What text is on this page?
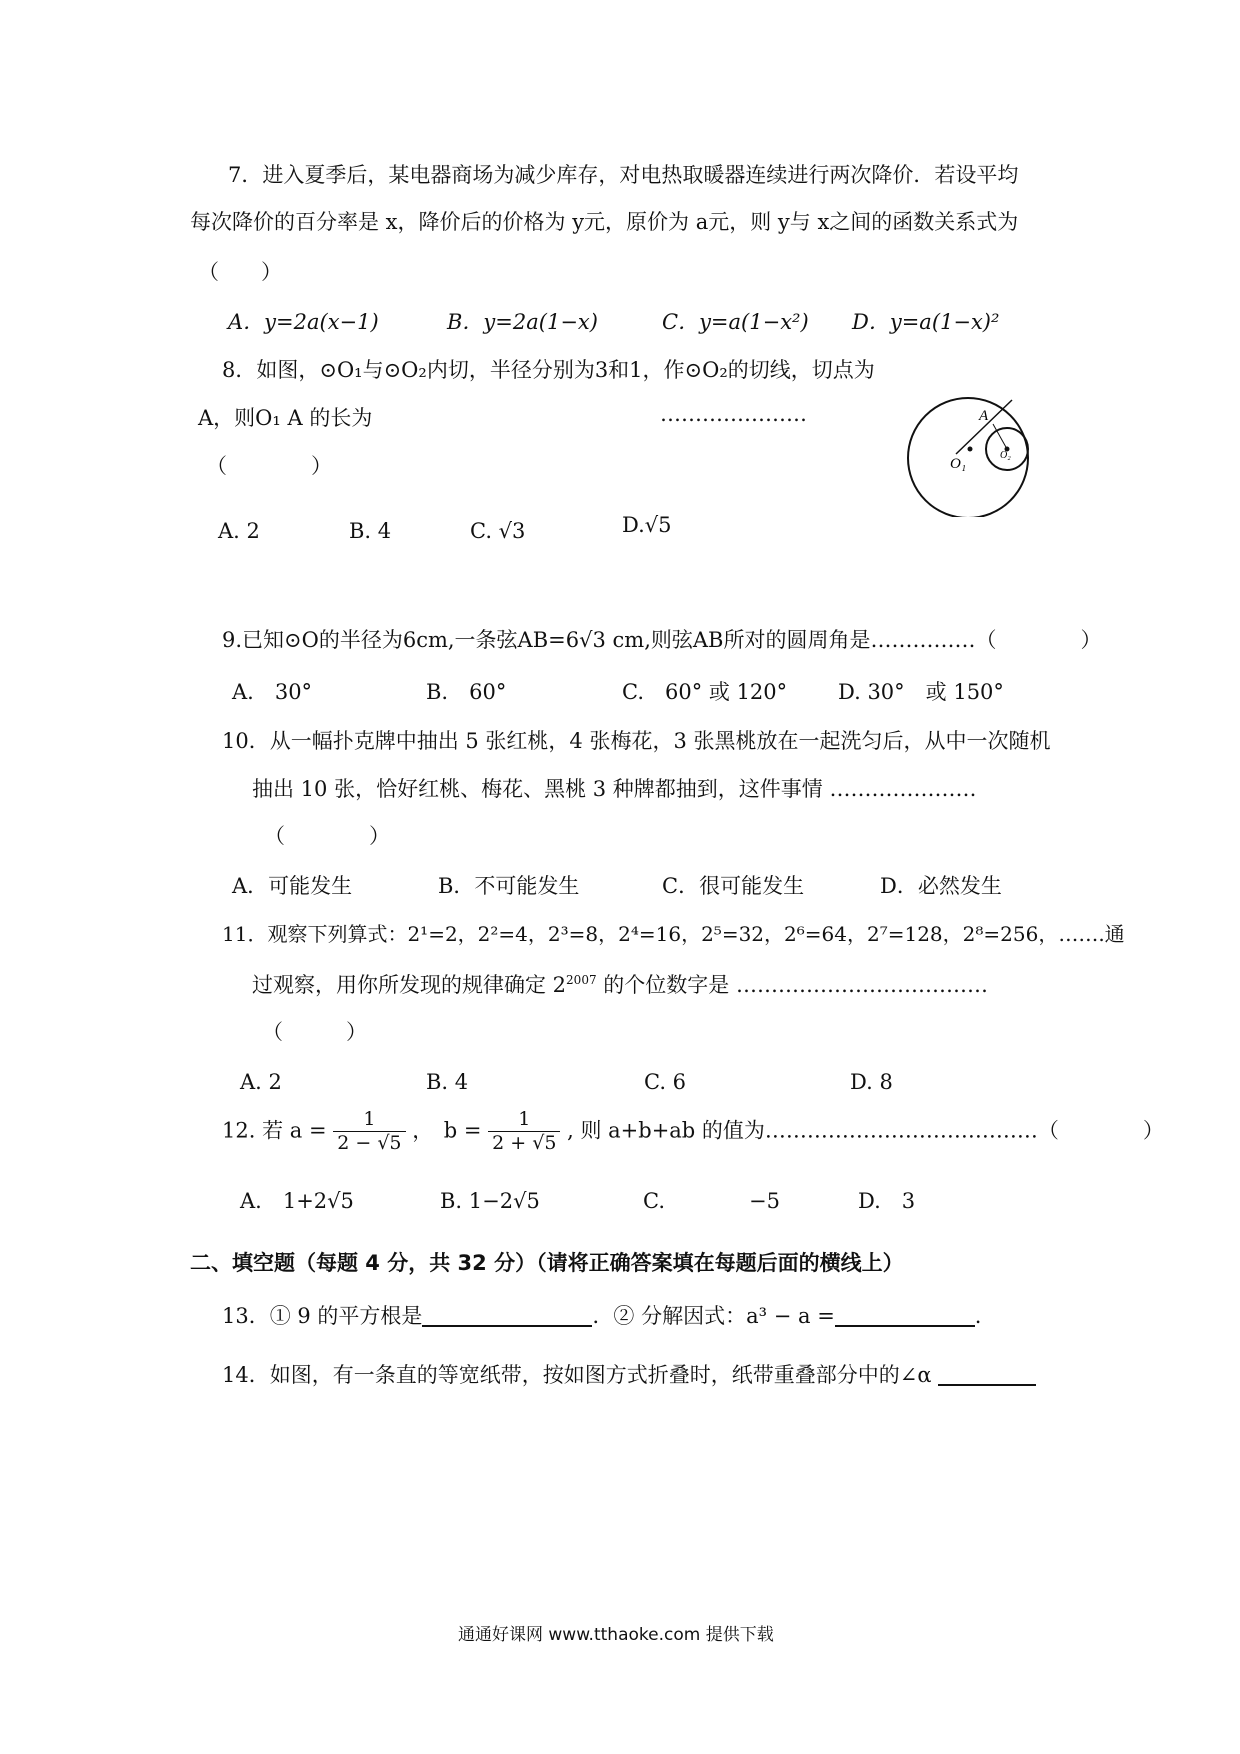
7．进入夏季后，某电器商场为减少库存，对电热取暖器连续进行两次降价．若设平均
每次降价的百分率是 x，降价后的价格为 y元，原价为 a元，则 y与 x之间的函数关系式为
（　　）
A．y=2a(x−1)	B．y=2a(1−x)	C．y=a(1−x²) D．y=a(1−x)²
8．如图，⊙O₁与⊙O₂内切，半径分别为3和1，作⊙O₂的切线，切点为
A，则O₁ A 的长为	…………………
（　　　　）
A. 2	B. 4	C. √3	D.√5
A
O₁
O₂
9.已知⊙O的半径为6cm,一条弦AB=6√3 cm,则弦AB所对的圆周角是……………（　　　　）
A.　30°	B.　60°	C.　60° 或 120° D. 30°　或 150°
10．从一幅扑克牌中抽出 5 张红桃，4 张梅花，3 张黑桃放在一起洗匀后，从中一次随机
抽出 10 张，恰好红桃、梅花、黑桃 3 种牌都抽到，这件事情 …………………
（　　　　）
A．可能发生	B．不可能发生	C．很可能发生	D．必然发生
11．观察下列算式：2¹=2，2²=4，2³=8，2⁴=16，2⁵=32，2⁶=64，2⁷=128，2⁸=256，…….通
过观察，用你所发现的规律确定 $2^{2007}$ 的个位数字是 ………………………………
（　　　）
A. 2	B. 4	C. 6	D. 8
12. 若 $a = \frac{1}{2 - √5}$ ，　$b = \frac{1}{2 + √5}$ , 则 a+b+ab 的值为…………………………………（　　　　）
A.　1+2√5	B. 1−2√5	C.　　　　−5	D.　3
二、填空题（每题 4 分，共 32 分）（请将正确答案填在每题后面的横线上）
13．① 9 的平方根是	．② 分解因式：a³ − a =	.
14．如图，有一条直的等宽纸带，按如图方式折叠时，纸带重叠部分中的∠α
通通好课网 www.tthaoke.com 提供下载
